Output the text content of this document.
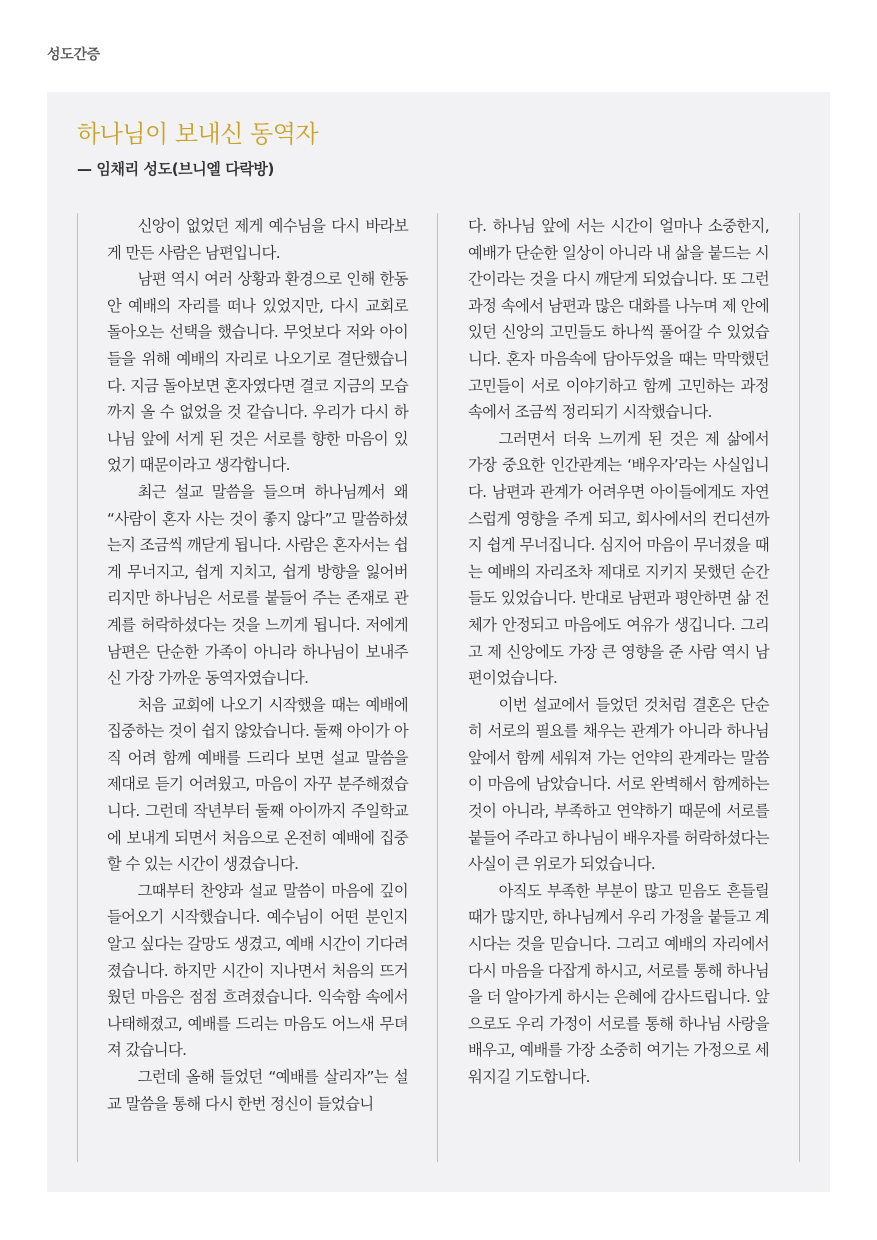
성도간증
하나님이 보내신 동역자
— 임채리 성도(브니엘 다락방)

신앙이 없었던 제게 예수님을 다시 바라보게 만든 사람은 남편입니다.

남편 역시 여러 상황과 환경으로 인해 한동안 예배의 자리를 떠나 있었지만, 다시 교회로 돌아오는 선택을 했습니다. 무엇보다 저와 아이들을 위해 예배의 자리로 나오기로 결단했습니다. 지금 돌아보면 혼자였다면 결코 지금의 모습까지 올 수 없었을 것 같습니다. 우리가 다시 하나님 앞에 서게 된 것은 서로를 향한 마음이 있었기 때문이라고 생각합니다.

최근 설교 말씀을 들으며 하나님께서 왜 “사람이 혼자 사는 것이 좋지 않다”고 말씀하셨는지 조금씩 깨닫게 됩니다. 사람은 혼자서는 쉽게 무너지고, 쉽게 지치고, 쉽게 방향을 잃어버리지만 하나님은 서로를 붙들어 주는 존재로 관계를 허락하셨다는 것을 느끼게 됩니다. 저에게 남편은 단순한 가족이 아니라 하나님이 보내주신 가장 가까운 동역자였습니다.

처음 교회에 나오기 시작했을 때는 예배에 집중하는 것이 쉽지 않았습니다. 둘째 아이가 아직 어려 함께 예배를 드리다 보면 설교 말씀을 제대로 듣기 어려웠고, 마음이 자꾸 분주해졌습니다. 그런데 작년부터 둘째 아이까지 주일학교에 보내게 되면서 처음으로 온전히 예배에 집중할 수 있는 시간이 생겼습니다.

그때부터 찬양과 설교 말씀이 마음에 깊이 들어오기 시작했습니다. 예수님이 어떤 분인지 알고 싶다는 갈망도 생겼고, 예배 시간이 기다려졌습니다. 하지만 시간이 지나면서 처음의 뜨거웠던 마음은 점점 흐려졌습니다. 익숙함 속에서 나태해졌고, 예배를 드리는 마음도 어느새 무뎌져 갔습니다.

그런데 올해 들었던 “예배를 살리자”는 설교 말씀을 통해 다시 한번 정신이 들었습니

다. 하나님 앞에 서는 시간이 얼마나 소중한지, 예배가 단순한 일상이 아니라 내 삶을 붙드는 시간이라는 것을 다시 깨닫게 되었습니다. 또 그런 과정 속에서 남편과 많은 대화를 나누며 제 안에 있던 신앙의 고민들도 하나씩 풀어갈 수 있었습니다. 혼자 마음속에 담아두었을 때는 막막했던 고민들이 서로 이야기하고 함께 고민하는 과정 속에서 조금씩 정리되기 시작했습니다.

그러면서 더욱 느끼게 된 것은 제 삶에서 가장 중요한 인간관계는 ‘배우자’라는 사실입니다. 남편과 관계가 어려우면 아이들에게도 자연스럽게 영향을 주게 되고, 회사에서의 컨디션까지 쉽게 무너집니다. 심지어 마음이 무너졌을 때는 예배의 자리조차 제대로 지키지 못했던 순간들도 있었습니다. 반대로 남편과 평안하면 삶 전체가 안정되고 마음에도 여유가 생깁니다. 그리고 제 신앙에도 가장 큰 영향을 준 사람 역시 남편이었습니다.

이번 설교에서 들었던 것처럼 결혼은 단순히 서로의 필요를 채우는 관계가 아니라 하나님 앞에서 함께 세워져 가는 언약의 관계라는 말씀이 마음에 남았습니다. 서로 완벽해서 함께하는 것이 아니라, 부족하고 연약하기 때문에 서로를 붙들어 주라고 하나님이 배우자를 허락하셨다는 사실이 큰 위로가 되었습니다.

아직도 부족한 부분이 많고 믿음도 흔들릴 때가 많지만, 하나님께서 우리 가정을 붙들고 계시다는 것을 믿습니다. 그리고 예배의 자리에서 다시 마음을 다잡게 하시고, 서로를 통해 하나님을 더 알아가게 하시는 은혜에 감사드립니다. 앞으로도 우리 가정이 서로를 통해 하나님 사랑을 배우고, 예배를 가장 소중히 여기는 가정으로 세워지길 기도합니다.
